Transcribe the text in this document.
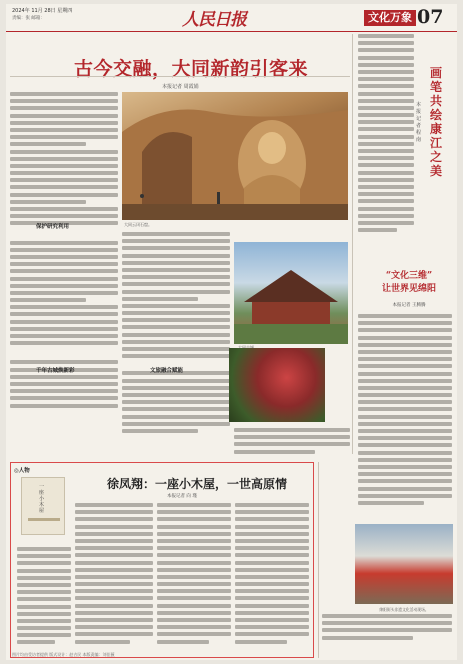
2024年 11月 28日 星期四
责编：张 邮箱：	人民日报	文化万象 07
古今交融，大同新韵引客来
本报记者 周霞娟
保护研究利用
千年古城焕新彩
大同云冈石窟。
文旅融合赋能
画笔共绘康江之美
本报记者 程 南
“文化三维”
让世界见绵阳
本报记者 王腾腾
绵阳街头非遗文化活动现场。
◎人物
一座小木屋
徐凤翔：一座小木屋，一世高原情
本报记者 向 瑾
图片均由受访者提供 版式设计：赵吉民 本版责编：刘佳薇
